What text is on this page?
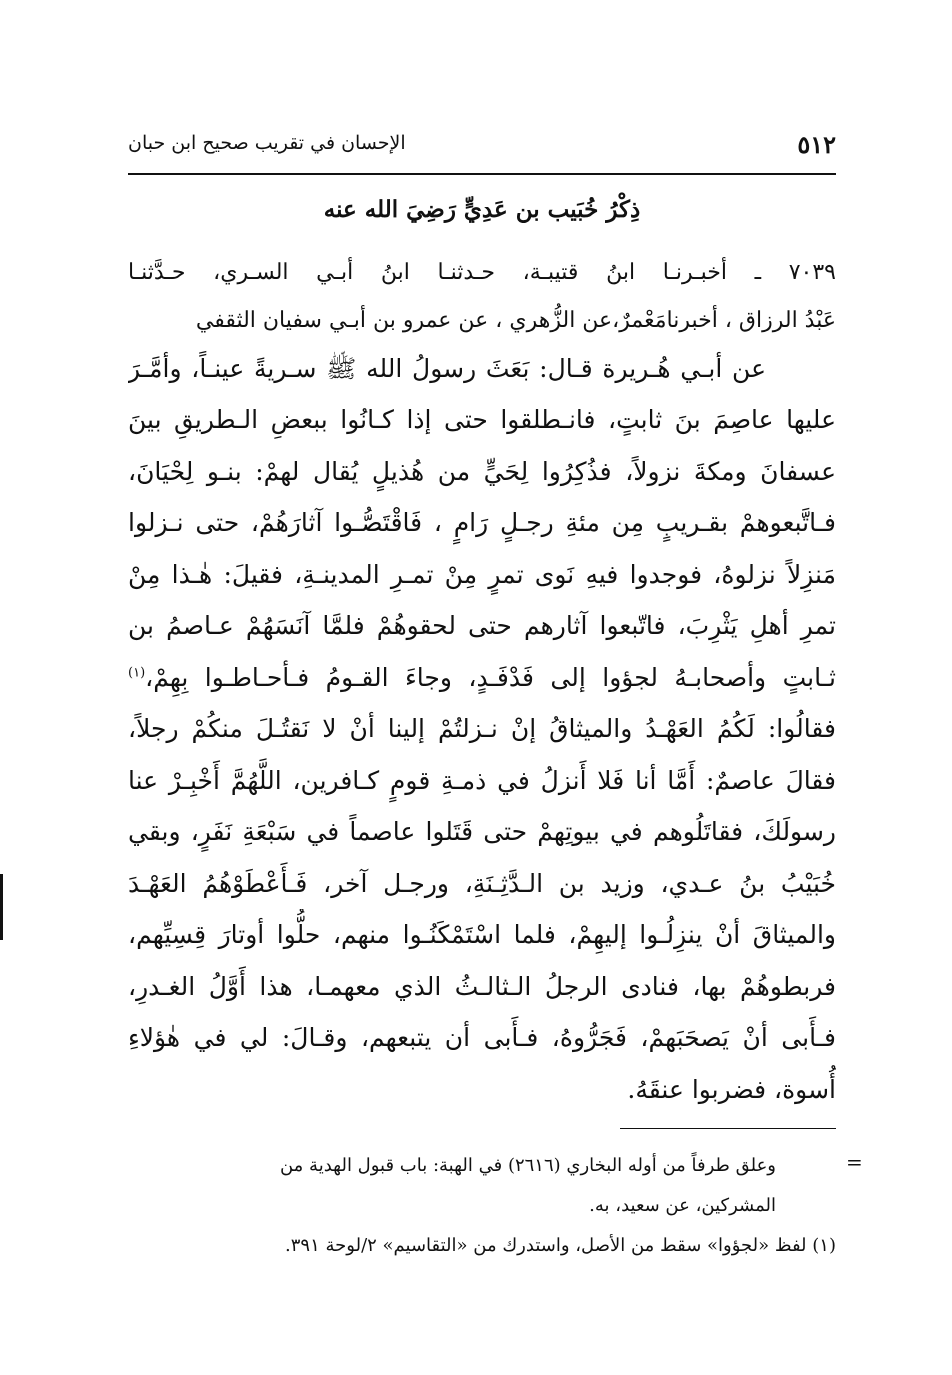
٥١٢
الإحسان في تقريب صحيح ابن حبان
ذِكْرُ خُبَيب بن عَدِيٍّ رَضِيَ الله عنه
٧٠٣٩ ـ أخبـرنـا ابنُ قتيبـة، حـدثنـا ابنُ أبـي السـري، حـدَّثنـا
عَبْدُ الرزاق ، أخبرنامَعْمرٌ،عن الزُّهري ، عن عمرو بن أبـي سفيان الثقفي
عن أبـي هُـريرة قـال: بَعَثَ رسولُ الله ﷺ سـريةً عينـاً، وأمَّـرَ
عليها عاصِمَ بنَ ثابتٍ، فانـطلقوا حتى إذا كـانُوا ببعضِ الـطريقِ بينَ
عسفانَ ومكةَ نزولاً، فذُكِرُوا لِحَيٍّ من هُذيلٍ يُقال لهمْ: بنـو لِحْيَانَ،
فـاتَّبعوهمْ بقـريبٍ مِن مئةِ رجـلٍ رَامٍ ، فَاقْتَصُّـوا آثارَهُمْ، حتى نـزلوا
مَنزِلاً نزلوهُ، فوجدوا فيهِ نَوى تمرٍ مِنْ تمـرِ المدينـةِ، فقيلَ: هٰـذا مِنْ
تمرِ أهلِ يَثْرِبَ، فاتّبعوا آثارهم حتى لحقوهُمْ فلمَّا آنَسَهُمْ عـاصمُ بن
ثـابتٍ وأصحابـهُ لجؤوا إلى فَدْفَـدٍ، وجاءَ القـومُ فـأحـاطـوا بِهِمْ،$^{(١)}$
فقالُوا: لَكُمُ العَهْـدُ والميثاقُ إنْ نـزلتُمْ إلينا أنْ لا نَقتُـلَ منكُمْ رجلاً،
فقالَ عاصمٌ: أَمَّا أنا فَلا أَنزلُ في ذمـةِ قومٍ كـافرين، اللَّهُمَّ أَخْبِـرْ عنا
رسولَكَ، فقاتَلُوهم في بيوتِهمْ حتى قَتَلوا عاصماً في سَبْعَةِ نَفَرٍ، وبقي
خُبَيْبُ بنُ عـدي، وزيد بن الـدَّثِـنَةِ، ورجـل آخر، فَـأَعْطَوْهُمُ العَهْـدَ
والميثاقَ أنْ ينزِلُـوا إليهِمْ، فلما اسْتَمْكَنُـوا منهم، حلُّوا أوتارَ قِسِيِّهم،
فربطوهُمْ بها، فنادى الرجلُ الـثالـثُ الذي معهمـا، هذا أَوَّلُ الغـدرِ،
فـأَبى أنْ يَصحَبَهمْ، فَجَرُّوهُ، فـأَبى أن يتبعهم، وقـالَ: لي في هٰؤلاءِ
أُسوة، فضربوا عنقَهُ.
=
وعلق طرفاً من أوله البخاري (٢٦١٦) في الهبة: باب قبول الهدية من
المشركين، عن سعيد، به.
(١) لفظ «لجؤوا» سقط من الأصل، واستدرك من «التقاسيم» ٢/لوحة ٣٩١.
